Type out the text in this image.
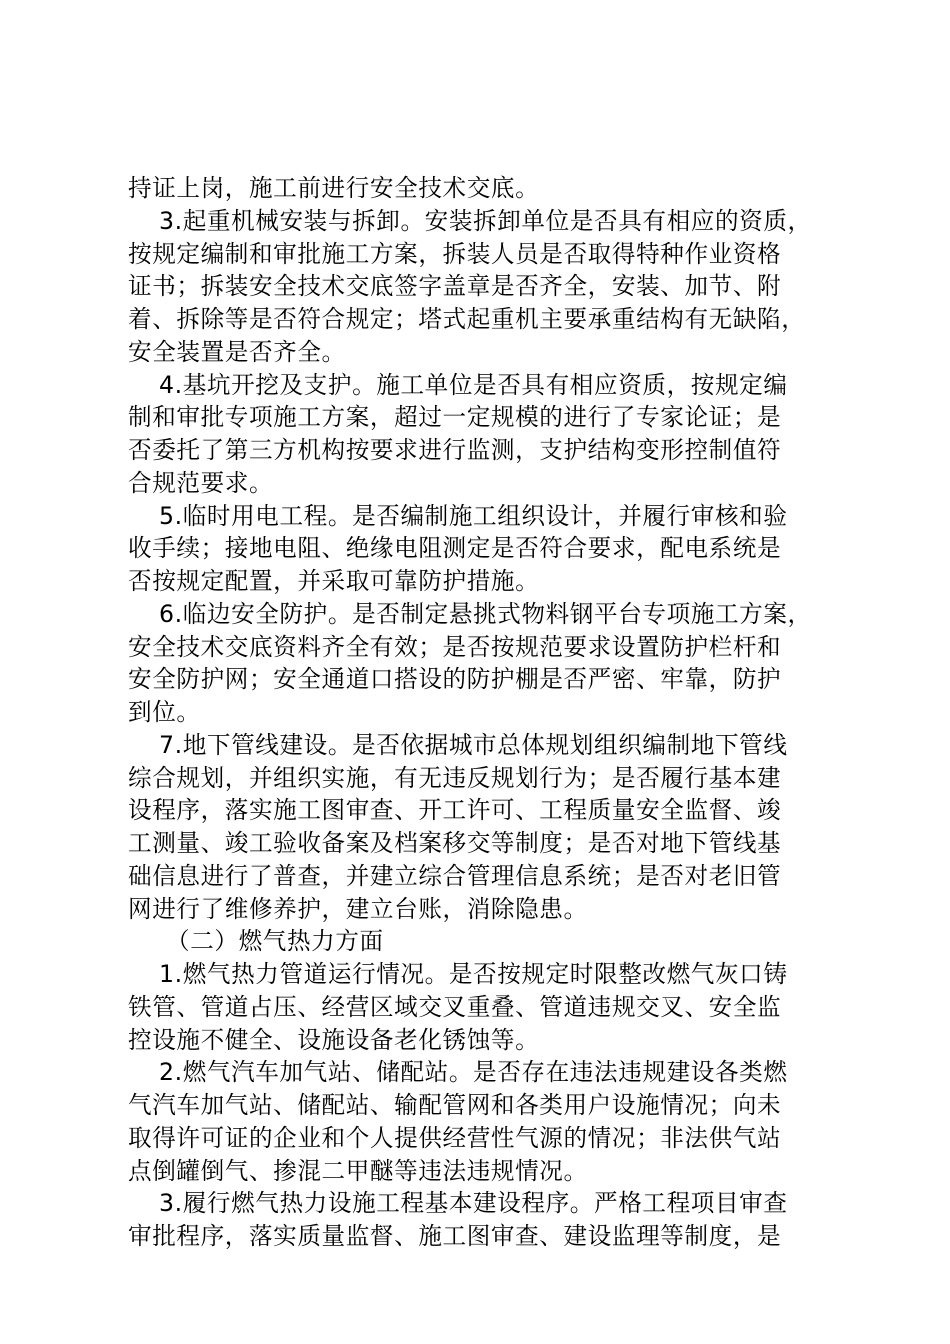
持证上岗，施工前进行安全技术交底。
3.起重机械安装与拆卸。安装拆卸单位是否具有相应的资质，
按规定编制和审批施工方案，拆装人员是否取得特种作业资格
证书；拆装安全技术交底签字盖章是否齐全，安装、加节、附
着、拆除等是否符合规定；塔式起重机主要承重结构有无缺陷，
安全装置是否齐全。
4.基坑开挖及支护。施工单位是否具有相应资质，按规定编
制和审批专项施工方案，超过一定规模的进行了专家论证；是
否委托了第三方机构按要求进行监测，支护结构变形控制值符
合规范要求。
5.临时用电工程。是否编制施工组织设计，并履行审核和验
收手续；接地电阻、绝缘电阻测定是否符合要求，配电系统是
否按规定配置，并采取可靠防护措施。
6.临边安全防护。是否制定悬挑式物料钢平台专项施工方案，
安全技术交底资料齐全有效；是否按规范要求设置防护栏杆和
安全防护网；安全通道口搭设的防护棚是否严密、牢靠，防护
到位。
7.地下管线建设。是否依据城市总体规划组织编制地下管线
综合规划，并组织实施，有无违反规划行为；是否履行基本建
设程序，落实施工图审查、开工许可、工程质量安全监督、竣
工测量、竣工验收备案及档案移交等制度；是否对地下管线基
础信息进行了普查，并建立综合管理信息系统；是否对老旧管
网进行了维修养护，建立台账，消除隐患。
（二）燃气热力方面
1.燃气热力管道运行情况。是否按规定时限整改燃气灰口铸
铁管、管道占压、经营区域交叉重叠、管道违规交叉、安全监
控设施不健全、设施设备老化锈蚀等。
2.燃气汽车加气站、储配站。是否存在违法违规建设各类燃
气汽车加气站、储配站、输配管网和各类用户设施情况；向未
取得许可证的企业和个人提供经营性气源的情况；非法供气站
点倒罐倒气、掺混二甲醚等违法违规情况。
3.履行燃气热力设施工程基本建设程序。严格工程项目审查
审批程序，落实质量监督、施工图审查、建设监理等制度，是
